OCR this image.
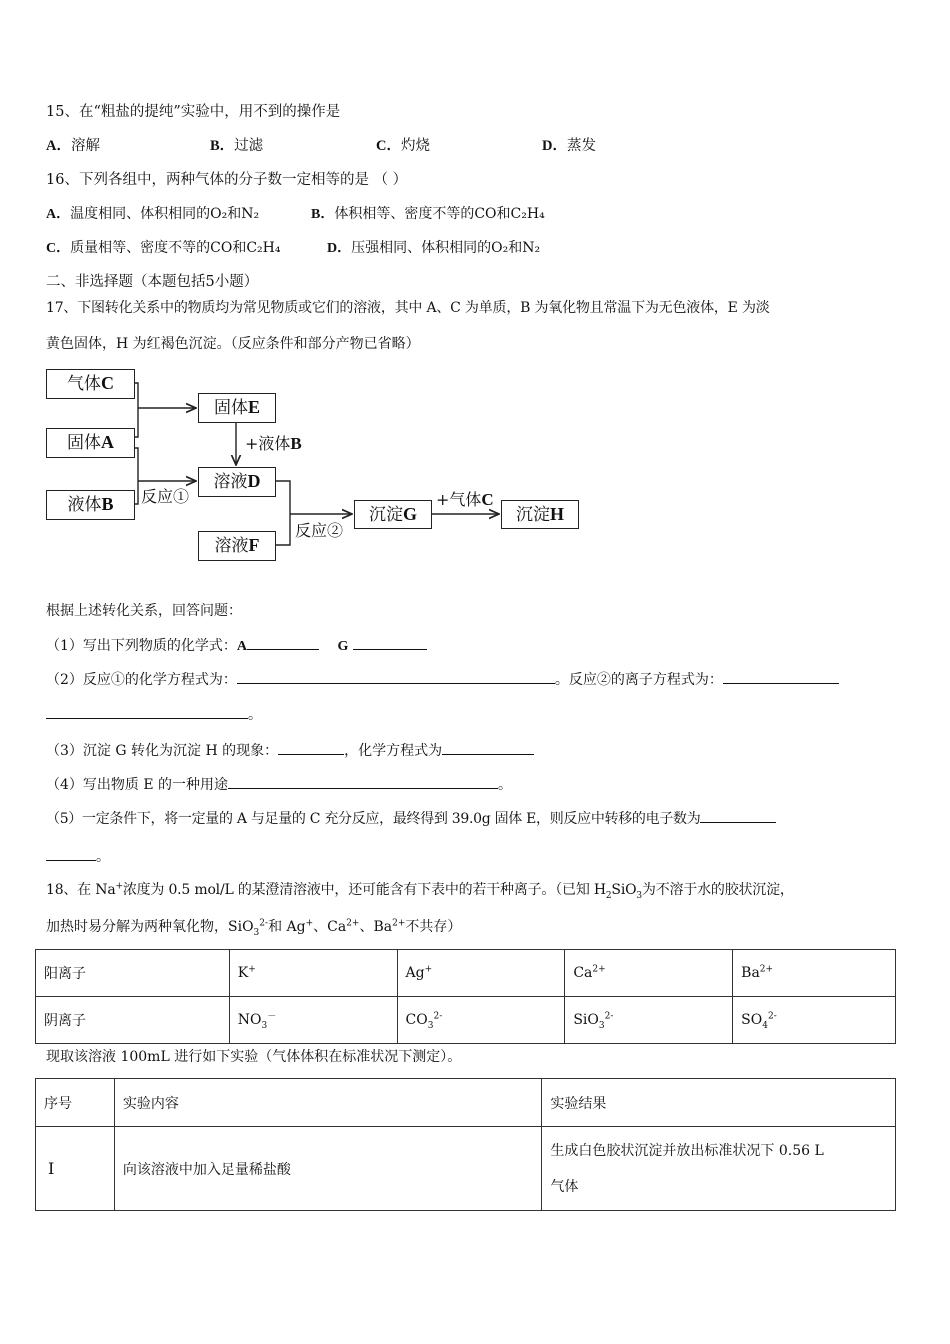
15、在“粗盐的提纯”实验中，用不到的操作是
A．溶解	B．过滤	C．灼烧	D．蒸发
16、下列各组中，两种气体的分子数一定相等的是 （ ）
A．温度相同、体积相同的O₂和N₂	B．体积相等、密度不等的CO和C₂H₄
C．质量相等、密度不等的CO和C₂H₄	D．压强相同、体积相同的O₂和N₂
二、非选择题（本题包括5小题）
17、下图转化关系中的物质均为常见物质或它们的溶液，其中 A、C 为单质，B 为氧化物且常温下为无色液体，E 为淡
黄色固体，H 为红褐色沉淀。（反应条件和部分产物已省略）
气体C
固体A
液体B
固体E
溶液D
溶液F
沉淀G	沉淀H
+液体B
反应①
反应②
+气体C
根据上述转化关系，回答问题：
（1）写出下列物质的化学式：A	G
（2）反应①的化学方程式为：	。反应②的离子方程式为：
。
（3）沉淀 G 转化为沉淀 H 的现象：	，化学方程式为
（4）写出物质 E 的一种用途	。
（5）一定条件下，将一定量的 A 与足量的 C 充分反应，最终得到 39.0g 固体 E，则反应中转移的电子数为
。
18、在 Na+浓度为 0.5 mol/L 的某澄清溶液中，还可能含有下表中的若干种离子。（已知 $H_2SiO_3$为不溶于水的胶状沉淀，
加热时易分解为两种氧化物，SiO$_3^{2-}$和 Ag+、$Ca^{2+}$、$Ba^{2+}$不共存）
阳离子	K+	Ag+	$Ca^{2+}$	$Ba^{2+}$
阴离子	$NO_3^-$	$CO_3^{2-}$	SiO$_3^{2-}$	$SO_4^{2-}$
现取该溶液 100mL 进行如下实验（气体体积在标准状况下测定）。
序号	实验内容	实验结果
Ⅰ	向该溶液中加入足量稀盐酸	生成白色胶状沉淀并放出标准状况下 0.56 L
气体
